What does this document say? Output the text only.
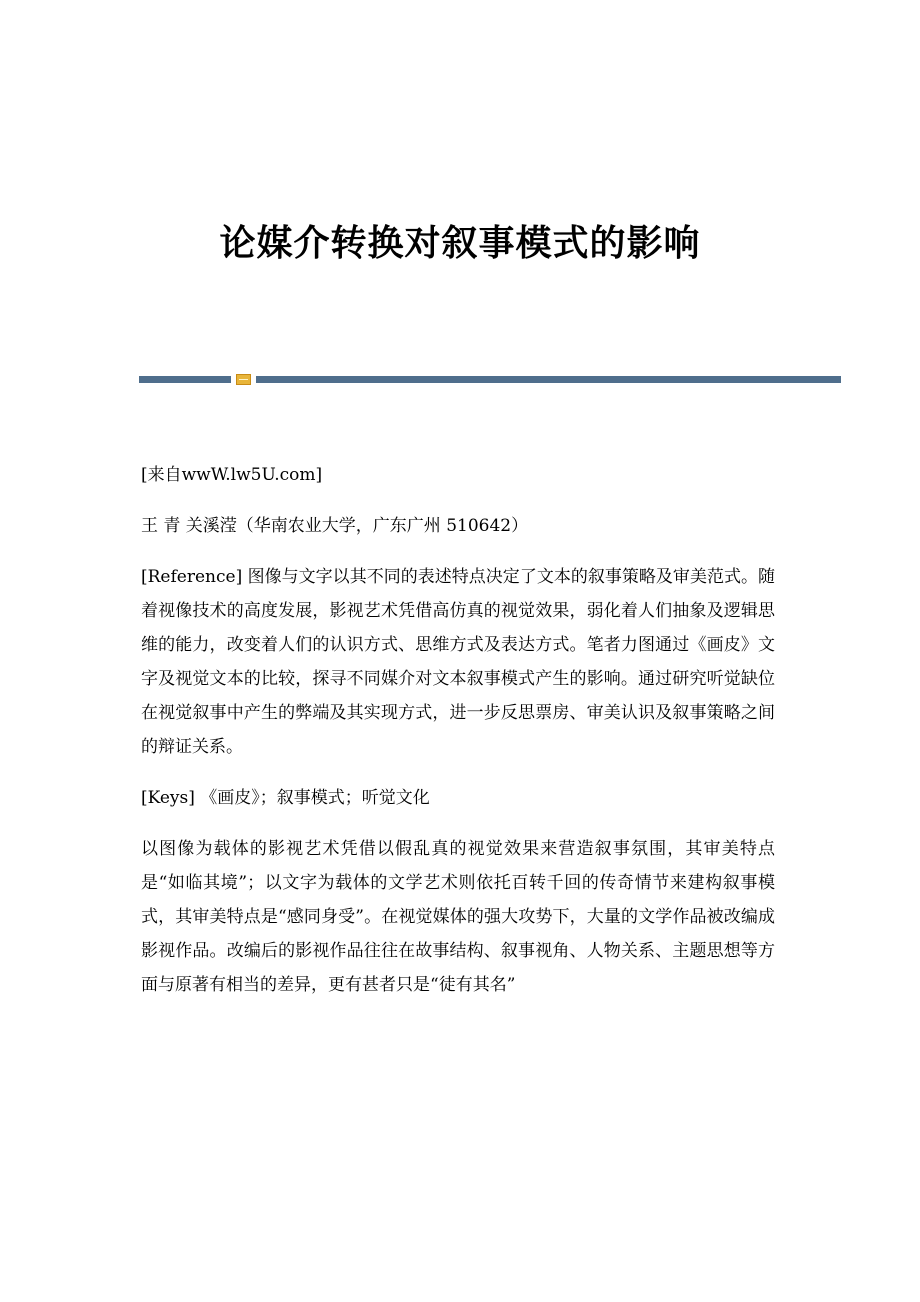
论媒介转换对叙事模式的影响

[来自wwW.lw5U.com]

王 青 关溪滢（华南农业大学，广东广州 510642）

[Reference] 图像与文字以其不同的表述特点决定了文本的叙事策略及审美范式。随着视像技术的高度发展，影视艺术凭借高仿真的视觉效果，弱化着人们抽象及逻辑思维的能力，改变着人们的认识方式、思维方式及表达方式。笔者力图通过《画皮》文字及视觉文本的比较，探寻不同媒介对文本叙事模式产生的影响。通过研究听觉缺位在视觉叙事中产生的弊端及其实现方式，进一步反思票房、审美认识及叙事策略之间的辩证关系。

[Keys] 《画皮》；叙事模式；听觉文化

以图像为载体的影视艺术凭借以假乱真的视觉效果来营造叙事氛围，其审美特点是“如临其境”；以文字为载体的文学艺术则依托百转千回的传奇情节来建构叙事模式，其审美特点是“感同身受”。在视觉媒体的强大攻势下，大量的文学作品被改编成影视作品。改编后的影视作品往往在故事结构、叙事视角、人物关系、主题思想等方面与原著有相当的差异，更有甚者只是“徒有其名”
